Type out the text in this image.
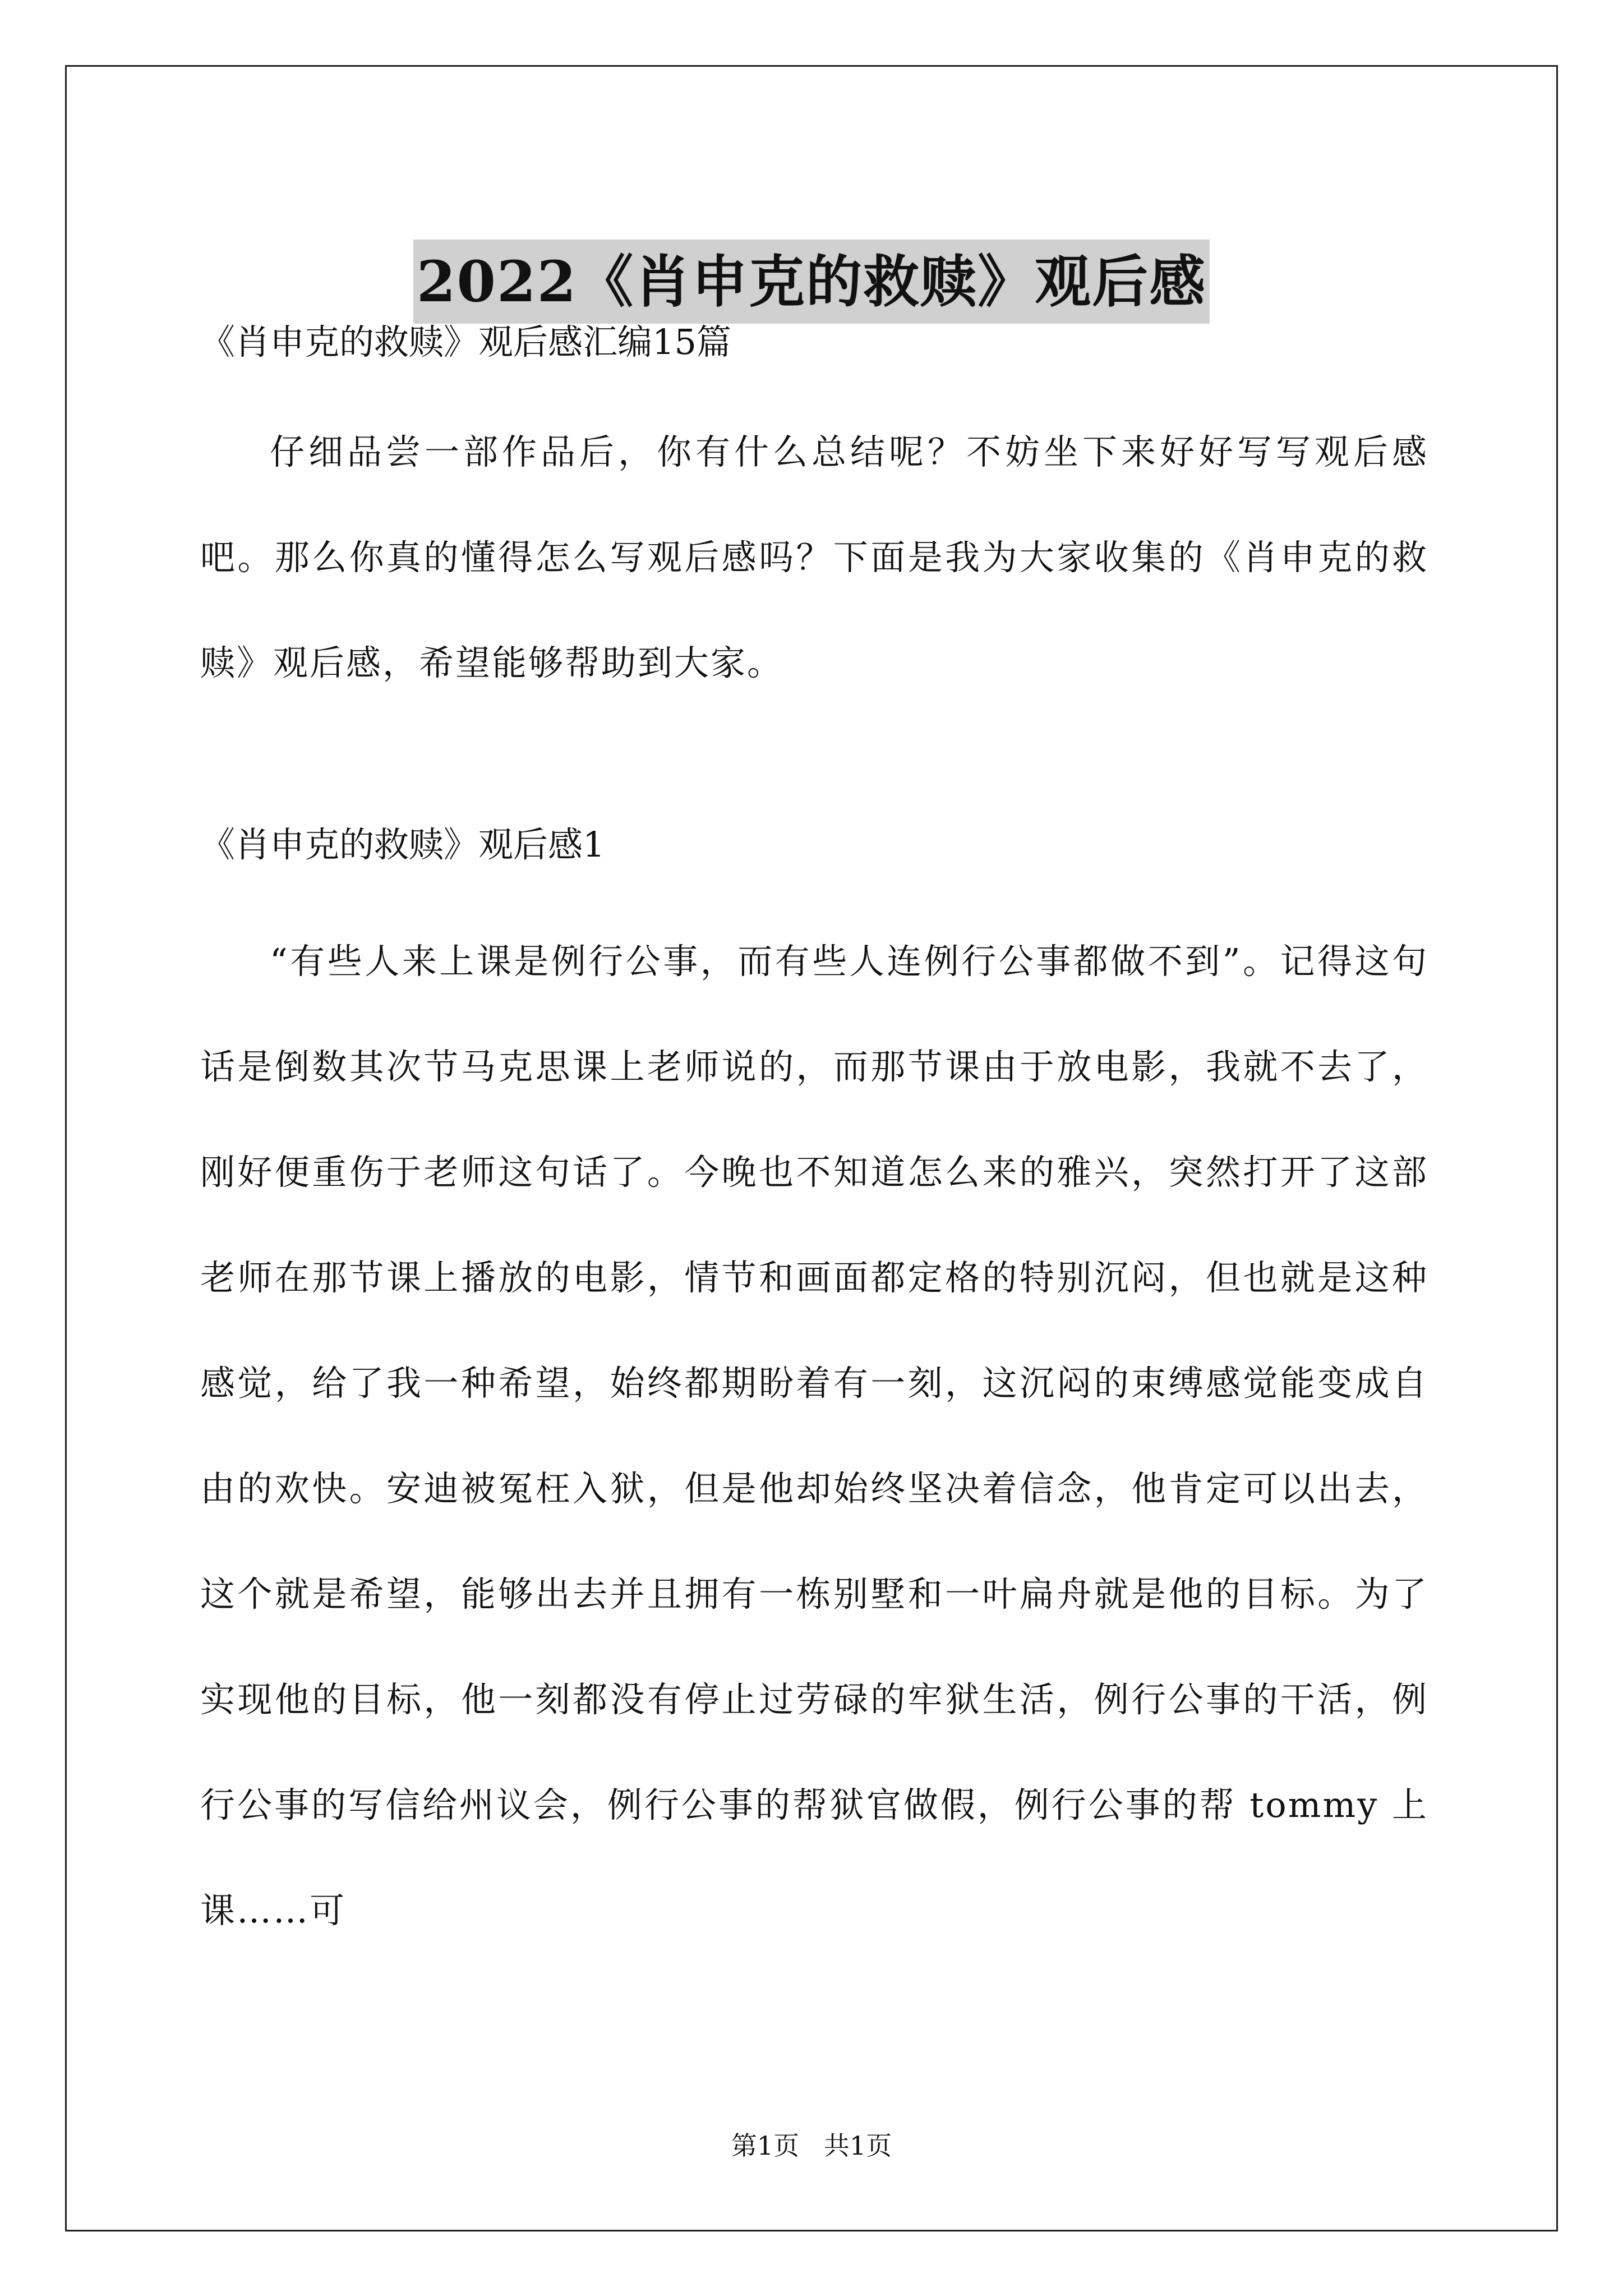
2022《肖申克的救赎》观后感

《肖申克的救赎》观后感汇编15篇

仔细品尝一部作品后，你有什么总结呢？不妨坐下来好好写写观后感吧。那么你真的懂得怎么写观后感吗？下面是我为大家收集的《肖申克的救赎》观后感，希望能够帮助到大家。

《肖申克的救赎》观后感1

“有些人来上课是例行公事，而有些人连例行公事都做不到”。记得这句话是倒数其次节马克思课上老师说的，而那节课由于放电影，我就不去了，刚好便重伤于老师这句话了。今晚也不知道怎么来的雅兴，突然打开了这部老师在那节课上播放的电影，情节和画面都定格的特别沉闷，但也就是这种感觉，给了我一种希望，始终都期盼着有一刻，这沉闷的束缚感觉能变成自由的欢快。安迪被冤枉入狱，但是他却始终坚决着信念，他肯定可以出去，这个就是希望，能够出去并且拥有一栋别墅和一叶扁舟就是他的目标。为了实现他的目标，他一刻都没有停止过劳碌的牢狱生活，例行公事的干活，例行公事的写信给州议会，例行公事的帮狱官做假，例行公事的帮 tommy 上课……可

第1页   共1页
